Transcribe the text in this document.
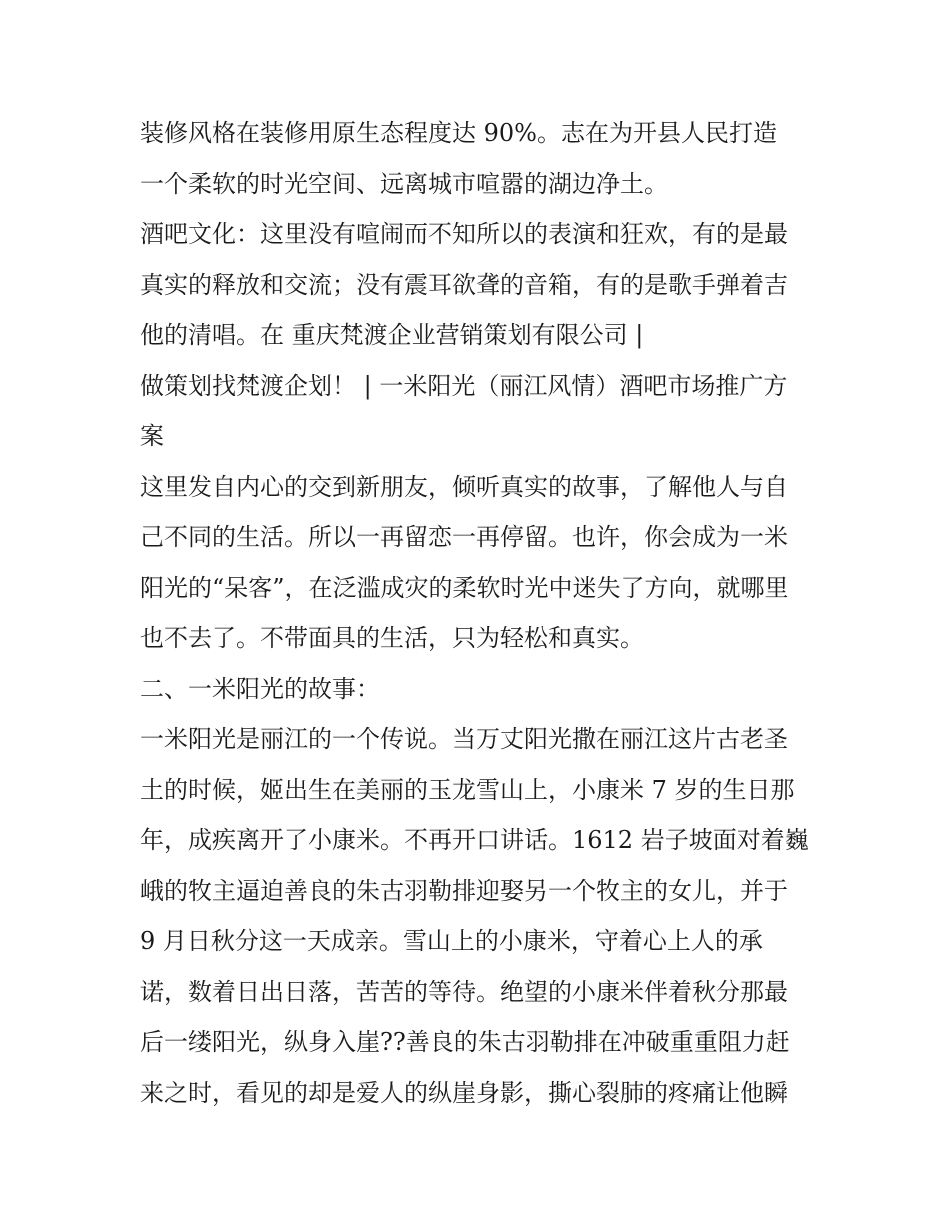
装修风格在装修用原生态程度达 90%。志在为开县人民打造
一个柔软的时光空间、远离城市喧嚣的湖边净土。
酒吧文化：这里没有喧闹而不知所以的表演和狂欢，有的是最
真实的释放和交流；没有震耳欲聋的音箱，有的是歌手弹着吉
他的清唱。在 重庆梵渡企业营销策划有限公司 |
做策划找梵渡企划！ | 一米阳光（丽江风情）酒吧市场推广方
案
这里发自内心的交到新朋友，倾听真实的故事，了解他人与自
己不同的生活。所以一再留恋一再停留。也许，你会成为一米
阳光的“呆客”，在泛滥成灾的柔软时光中迷失了方向，就哪里
也不去了。不带面具的生活，只为轻松和真实。
二、一米阳光的故事：
一米阳光是丽江的一个传说。当万丈阳光撒在丽江这片古老圣
土的时候，姬出生在美丽的玉龙雪山上，小康米 7 岁的生日那
年，成疾离开了小康米。不再开口讲话。1612 岩子坡面对着巍
峨的牧主逼迫善良的朱古羽勒排迎娶另一个牧主的女儿，并于
9 月日秋分这一天成亲。雪山上的小康米，守着心上人的承
诺，数着日出日落，苦苦的等待。绝望的小康米伴着秋分那最
后一缕阳光，纵身入崖??善良的朱古羽勒排在冲破重重阻力赶
来之时，看见的却是爱人的纵崖身影，撕心裂肺的疼痛让他瞬
